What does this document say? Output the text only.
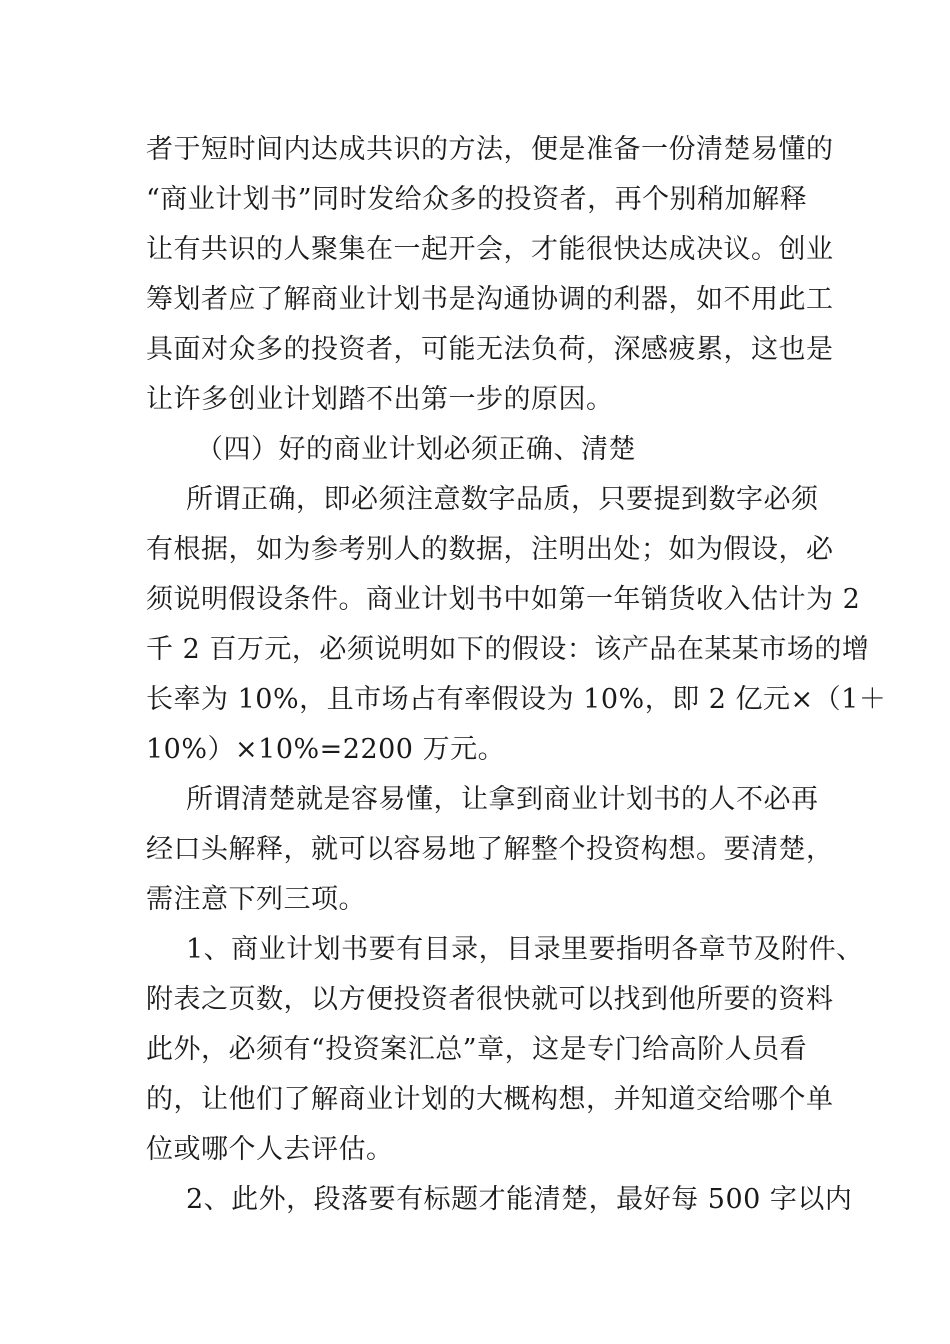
者于短时间内达成共识的方法，便是准备一份清楚易懂的
“商业计划书”同时发给众多的投资者，再个别稍加解释
让有共识的人聚集在一起开会，才能很快达成决议。创业
筹划者应了解商业计划书是沟通协调的利器，如不用此工
具面对众多的投资者，可能无法负荷，深感疲累，这也是
让许多创业计划踏不出第一步的原因。
（四）好的商业计划必须正确、清楚
所谓正确，即必须注意数字品质，只要提到数字必须
有根据，如为参考别人的数据，注明出处；如为假设，必
须说明假设条件。商业计划书中如第一年销货收入估计为 2
千 2 百万元，必须说明如下的假设：该产品在某某市场的增
长率为 10%，且市场占有率假设为 10%，即 2 亿元×（1＋
10%）×10%=2200 万元。
所谓清楚就是容易懂，让拿到商业计划书的人不必再
经口头解释，就可以容易地了解整个投资构想。要清楚，
需注意下列三项。
1、商业计划书要有目录，目录里要指明各章节及附件、
附表之页数，以方便投资者很快就可以找到他所要的资料
此外，必须有“投资案汇总”章，这是专门给高阶人员看
的，让他们了解商业计划的大概构想，并知道交给哪个单
位或哪个人去评估。
2、此外，段落要有标题才能清楚，最好每 500 字以内
